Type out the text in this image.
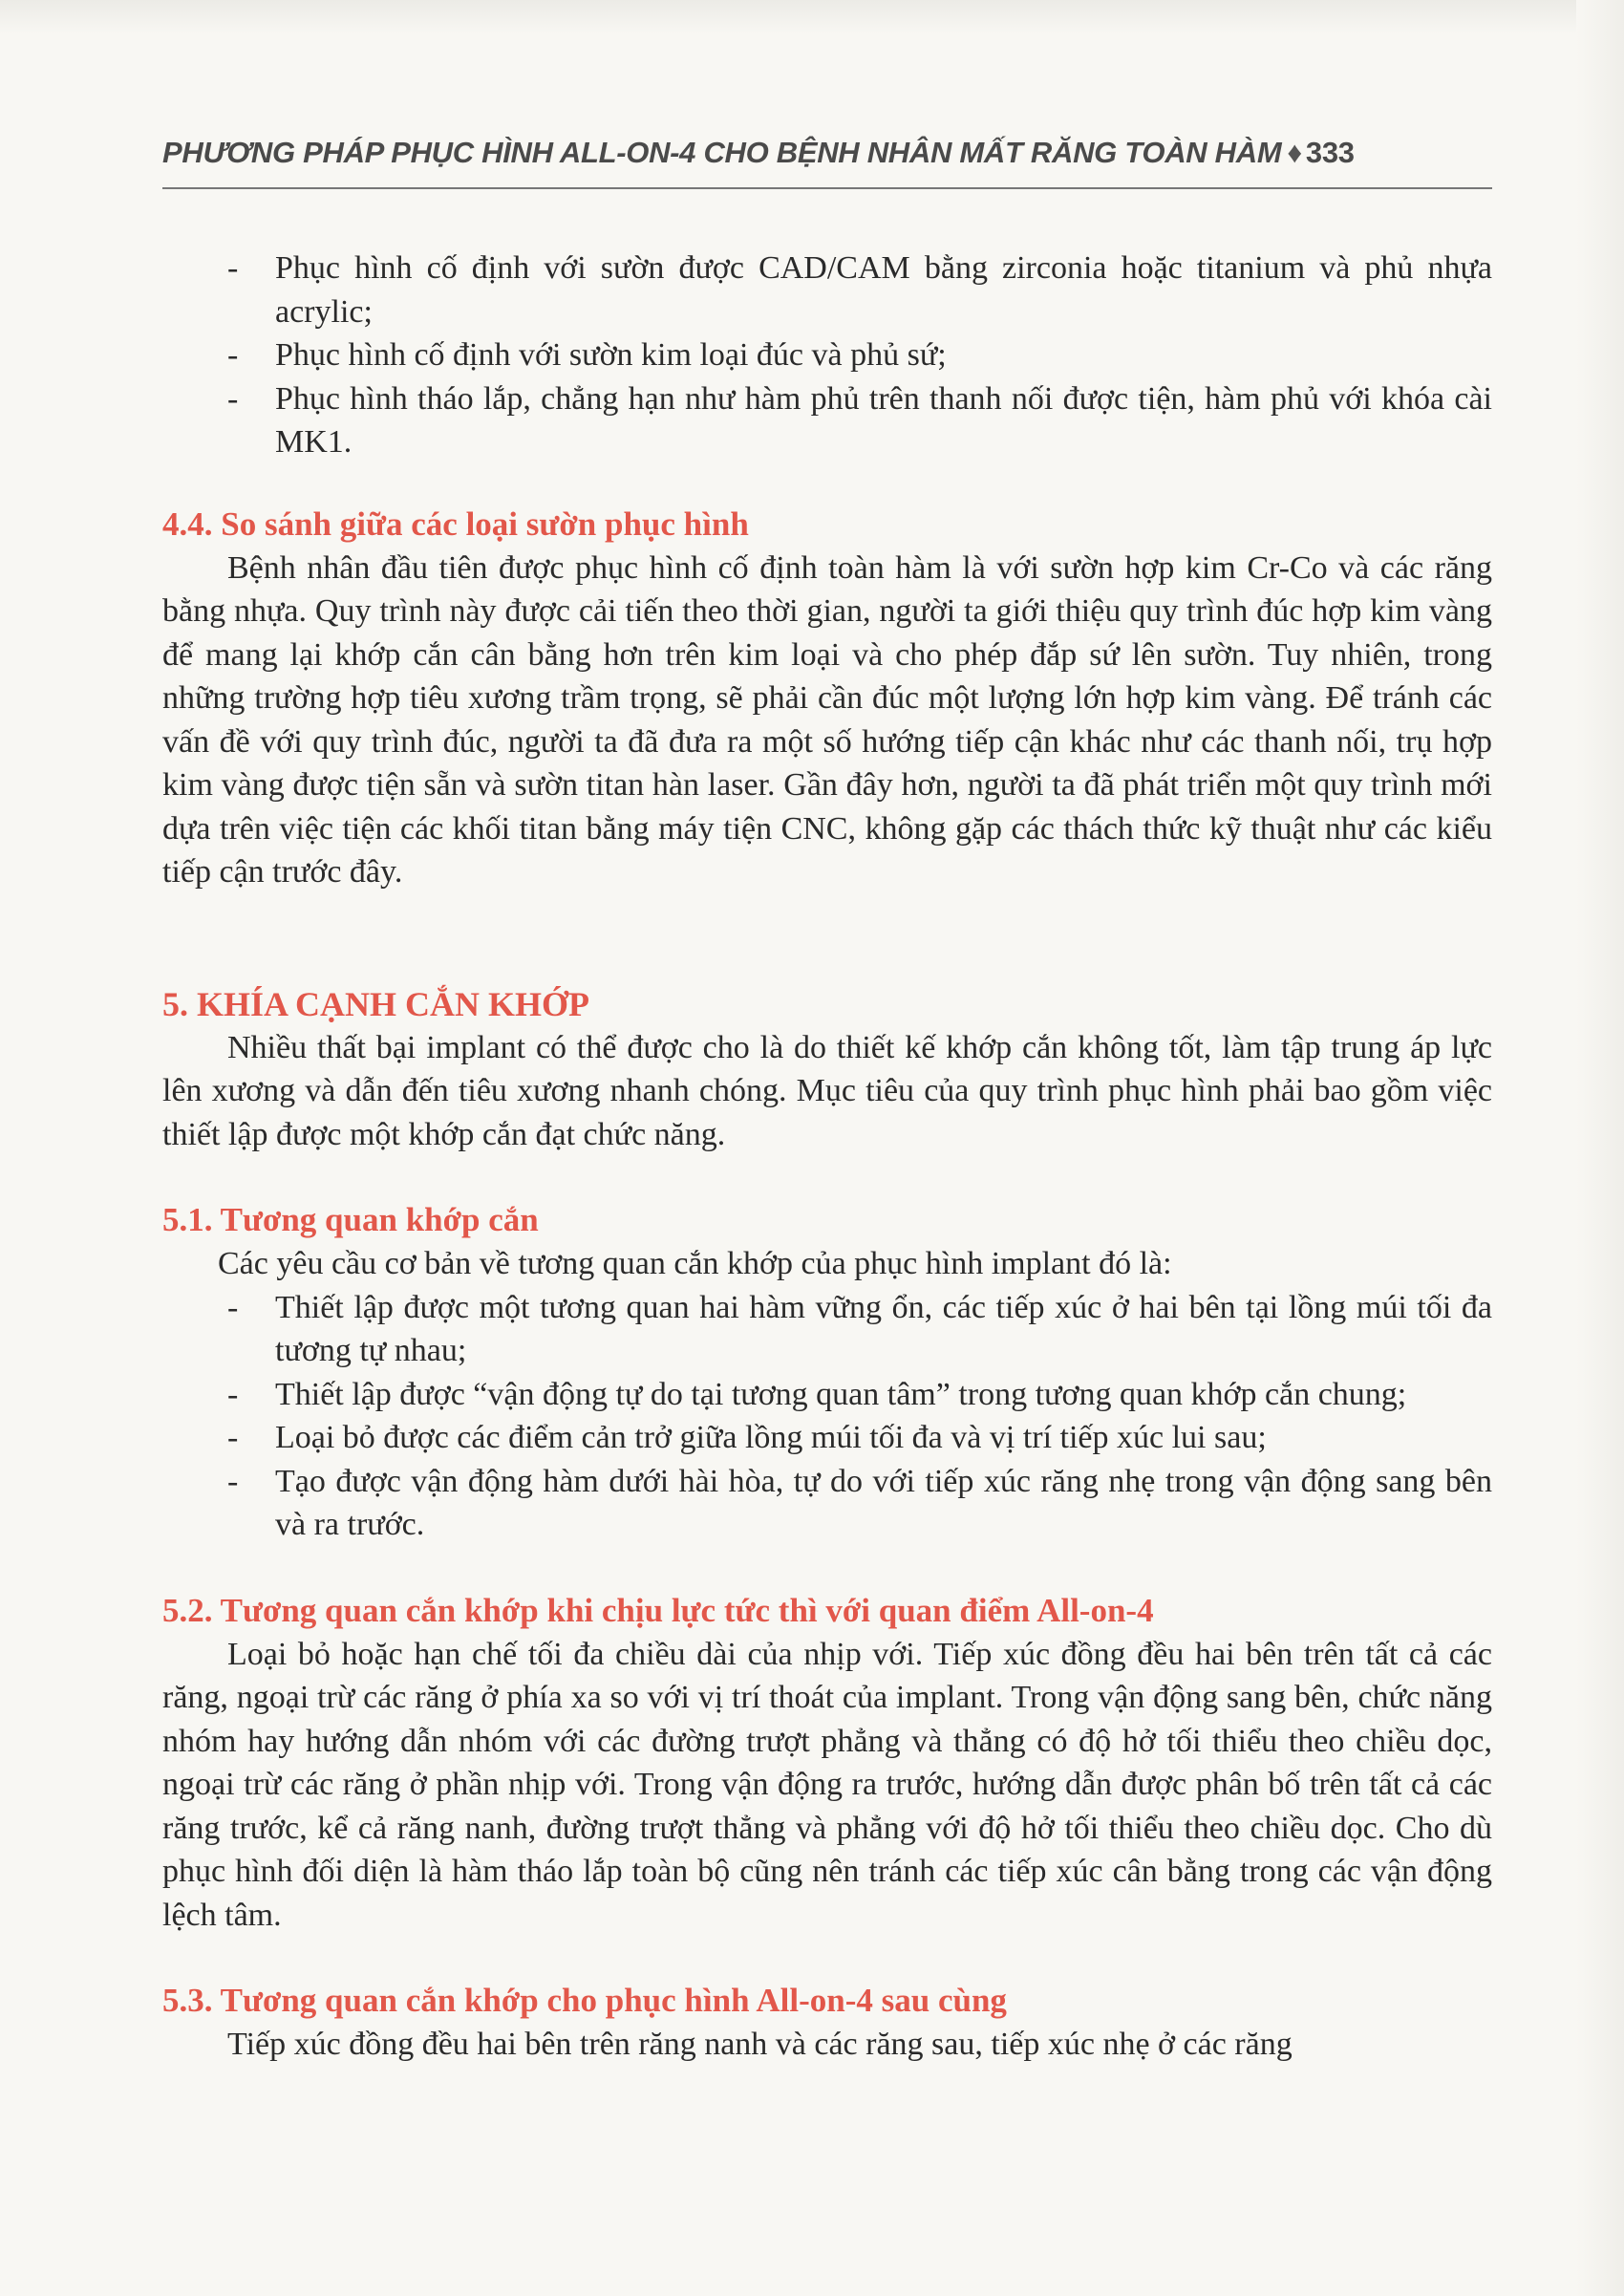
PHƯƠNG PHÁP PHỤC HÌNH ALL-ON-4 CHO BỆNH NHÂN MẤT RĂNG TOÀN HÀM ♦ 333
- Phục hình cố định với sườn được CAD/CAM bằng zirconia hoặc titanium và phủ nhựa acrylic;
- Phục hình cố định với sườn kim loại đúc và phủ sứ;
- Phục hình tháo lắp, chẳng hạn như hàm phủ trên thanh nối được tiện, hàm phủ với khóa cài MK1.
4.4. So sánh giữa các loại sườn phục hình

Bệnh nhân đầu tiên được phục hình cố định toàn hàm là với sườn hợp kim Cr-Co và các răng bằng nhựa. Quy trình này được cải tiến theo thời gian, người ta giới thiệu quy trình đúc hợp kim vàng để mang lại khớp cắn cân bằng hơn trên kim loại và cho phép đắp sứ lên sườn. Tuy nhiên, trong những trường hợp tiêu xương trầm trọng, sẽ phải cần đúc một lượng lớn hợp kim vàng. Để tránh các vấn đề với quy trình đúc, người ta đã đưa ra một số hướng tiếp cận khác như các thanh nối, trụ hợp kim vàng được tiện sẵn và sườn titan hàn laser. Gần đây hơn, người ta đã phát triển một quy trình mới dựa trên việc tiện các khối titan bằng máy tiện CNC, không gặp các thách thức kỹ thuật như các kiểu tiếp cận trước đây.

5. KHÍA CẠNH CẮN KHỚP

Nhiều thất bại implant có thể được cho là do thiết kế khớp cắn không tốt, làm tập trung áp lực lên xương và dẫn đến tiêu xương nhanh chóng. Mục tiêu của quy trình phục hình phải bao gồm việc thiết lập được một khớp cắn đạt chức năng.

5.1. Tương quan khớp cắn

Các yêu cầu cơ bản về tương quan cắn khớp của phục hình implant đó là:

- Thiết lập được một tương quan hai hàm vững ổn, các tiếp xúc ở hai bên tại lồng múi tối đa tương tự nhau;
- Thiết lập được “vận động tự do tại tương quan tâm” trong tương quan khớp cắn chung;
- Loại bỏ được các điểm cản trở giữa lồng múi tối đa và vị trí tiếp xúc lui sau;
- Tạo được vận động hàm dưới hài hòa, tự do với tiếp xúc răng nhẹ trong vận động sang bên và ra trước.
5.2. Tương quan cắn khớp khi chịu lực tức thì với quan điểm All-on-4

Loại bỏ hoặc hạn chế tối đa chiều dài của nhịp với. Tiếp xúc đồng đều hai bên trên tất cả các răng, ngoại trừ các răng ở phía xa so với vị trí thoát của implant. Trong vận động sang bên, chức năng nhóm hay hướng dẫn nhóm với các đường trượt phẳng và thẳng có độ hở tối thiểu theo chiều dọc, ngoại trừ các răng ở phần nhịp với. Trong vận động ra trước, hướng dẫn được phân bố trên tất cả các răng trước, kể cả răng nanh, đường trượt thẳng và phẳng với độ hở tối thiểu theo chiều dọc. Cho dù phục hình đối diện là hàm tháo lắp toàn bộ cũng nên tránh các tiếp xúc cân bằng trong các vận động lệch tâm.

5.3. Tương quan cắn khớp cho phục hình All-on-4 sau cùng

Tiếp xúc đồng đều hai bên trên răng nanh và các răng sau, tiếp xúc nhẹ ở các răng
